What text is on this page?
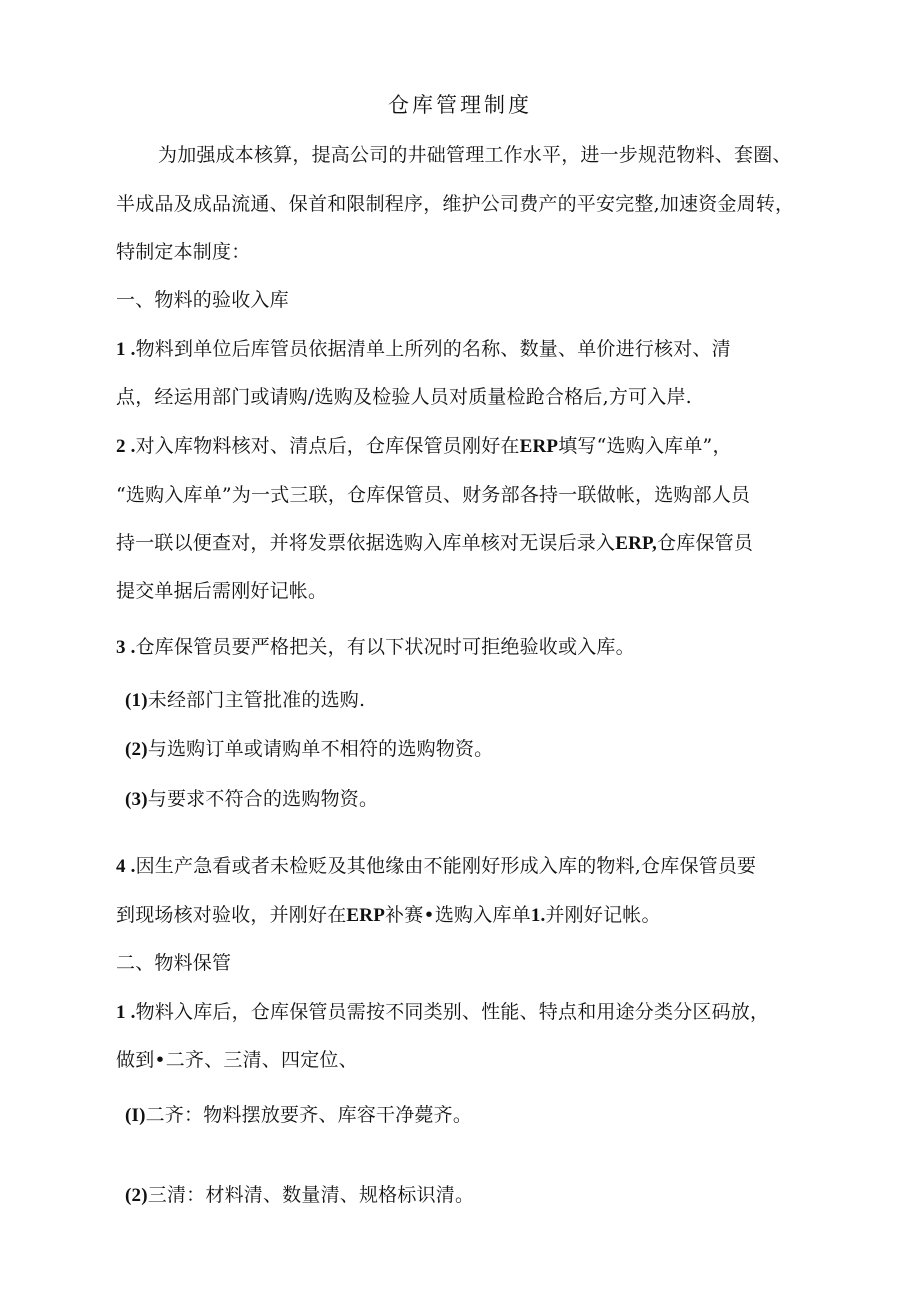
仓库管理制度
为加强成本核算，提高公司的井础管理工作水平，进一步规范物料、套圈、
半成品及成品流通、保首和限制程序，维护公司费产的平安完整,加速资金周转，
特制定本制度：
一、物料的验收入库
1 .物料到单位后库管员依据清单上所列的名称、数量、单价进行核对、清
点，经运用部门或请购/选购及检验人员对质量检跄合格后,方可入岸.
2 .对入库物料核对、清点后，仓库保管员刚好在ERP填写“选购入库单”，
“选购入库单”为一式三联，仓库保管员、财务部各持一联做帐，选购部人员
持一联以便查对，并将发票依据选购入库单核对无误后录入ERP,仓库保管员
提交单据后需刚好记帐。
3 .仓库保管员要严格把关，有以下状况时可拒绝验收或入库。
(1)未经部门主管批准的选购.
(2)与选购订单或请购单不相符的选购物资。
(3)与要求不符合的选购物资。
4 .因生产急看或者未检贬及其他缘由不能刚好形成入库的物料,仓库保管员要
到现场核对验收，并刚好在ERP补赛•选购入库单1.并刚好记帐。
二、物料保管
1 .物料入库后，仓库保管员需按不同类别、性能、特点和用途分类分区码放，
做到•二齐、三清、四定位、
(I)二齐：物料摆放要齐、库容干净薨齐。
(2)三清：材料清、数量清、规格标识清。
